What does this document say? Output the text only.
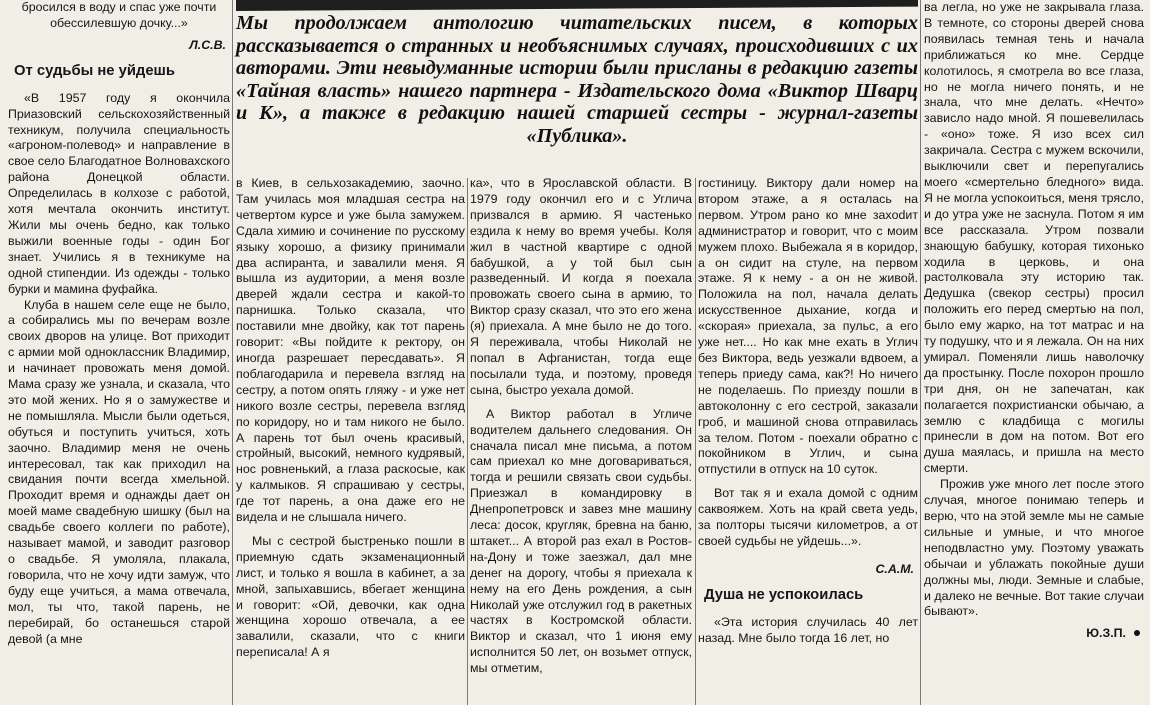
Мы продолжаем антологию читательских писем, в которых рассказывается о странных и необъяснимых случаях, происходивших с их авторами. Эти невыдуманные истории были присланы в редакцию газеты «Тайная власть» нашего партнера - Издательского дома «Виктор Шварц и К», а также в редакцию нашей старшей сестры - журнал-газеты «Публика».

бросился в воду и спас уже почти обессилевшую дочку...»

Л.С.В.
От судьбы не уйдешь

«В 1957 году я окончила Приазовский сельскохозяйственный техникум, получила специальность «агроном-полевод» и направление в свое село Благодатное Волновахского района Донецкой области. Определилась в колхозе с работой, хотя мечтала окончить институт. Жили мы очень бедно, как только выжили военные годы - один Бог знает. Учились я в техникуме на одной стипендии. Из одежды - только бурки и мамина фуфайка.

Клуба в нашем селе еще не было, а собирались мы по вечерам возле своих дворов на улице. Вот приходит с армии мой одноклассник Владимир, и начинает провожать меня домой. Мама сразу же узнала, и сказала, что это мой жених. Но я о замужестве и не помышляла. Мысли были одеться, обуться и поступить учиться, хоть заочно. Владимир меня не очень интересовал, так как приходил на свидания почти всегда хмельной. Проходит время и однажды дает он моей маме свадебную шишку (был на свадьбе своего коллеги по работе), называет мамой, и заводит разговор о свадьбе. Я умоляла, плакала, говорила, что не хочу идти замуж, что буду еще учиться, а мама отвечала, мол, ты что, такой парень, не перебирай, бо останешься старой девой (а мне

в Киев, в сельхозакадемию, заочно. Там училась моя младшая сестра на четвертом курсе и уже была замужем. Сдала химию и сочинение по русскому языку хорошо, а физику принимали два аспиранта, и завалили меня. Я вышла из аудитории, а меня возле дверей ждали сестра и какой-то парнишка. Только сказала, что поставили мне двойку, как тот парень говорит: «Вы пойдите к ректору, он иногда разрешает пересдавать». Я поблагодарила и перевела взгляд на сестру, а потом опять гляжу - и уже нет никого возле сестры, перевела взгляд по коридору, но и там никого не было. А парень тот был очень красивый, стройный, высокий, немного кудрявый, нос ровненький, а глаза раскосые, как у калмыков. Я спрашиваю у сестры, где тот парень, а она даже его не видела и не слышала ничего.

Мы с сестрой быстренько пошли в приемную сдать экзаменационный лист, и только я вошла в кабинет, а за мной, запыхавшись, вбегает женщина и говорит: «Ой, девочки, как одна женщина хорошо отвечала, а ее завалили, сказали, что с книги переписала! А я

ка», что в Ярославской области. В 1979 году окончил его и с Углича призвался в армию. Я частенько ездила к нему во время учебы. Коля жил в частной квартире с одной бабушкой, а у той был сын разведенный. И когда я поехала провожать своего сына в армию, то Виктор сразу сказал, что это его жена (я) приехала. А мне было не до того. Я переживала, чтобы Николай не попал в Афганистан, тогда еще посылали туда, и поэтому, проведя сына, быстро уехала домой.

А Виктор работал в Угличе водителем дальнего следования. Он сначала писал мне письма, а потом сам приехал ко мне договариваться, тогда и решили связать свои судьбы. Приезжал в командировку в Днепропетровск и завез мне машину леса: досок, кругляк, бревна на баню, штакет... А второй раз ехал в Ростов-на-Дону и тоже заезжал, дал мне денег на дорогу, чтобы я приехала к нему на его День рождения, а сын Николай уже отслужил год в ракетных частях в Костромской области. Виктор и сказал, что 1 июня ему исполнится 50 лет, он возьмет отпуск, мы отметим,

гостиницу. Виктору дали номер на втором этаже, а я осталась на первом. Утром рано ко мне захodит администратор и говорит, что с моим мужем плохо. Выбежала я в коридор, а он сидит на стуле, на первом этаже. Я к нему - а он не живой. Положила на пол, начала делать искусственное дыхание, когда и «скорая» приехала, за пульс, а его уже нет.... Но как мне ехать в Углич без Виктора, ведь уезжали вдвоем, а теперь приеду сама, как?! Но ничего не поделаешь. По приезду пошли в автоколонну с его сестрой, заказали гроб, и машиной снова отправилась за телом. Потом - поехали обратно с покойником в Углич, и сына отпустили в отпуск на 10 суток.

Вот так я и ехала домой с одним саквояжем. Хоть на край света уедь, за полторы тысячи километров, а от своей судьбы не уйдешь...».

С.А.М.
Душа не успокоилась

«Эта история случилась 40 лет назад. Мне было тогда 16 лет, но

ва легла, но уже не закрывала глаза. В темноте, со стороны дверей снова появилась темная тень и начала приближаться ко мне. Сердце колотилось, я смотрела во все глаза, но не могла ничего понять, и не знала, что мне делать. «Нечто» зависло надо мной. Я пошевелилась - «оно» тоже. Я изо всех сил закричала. Сестра с мужем вскочили, выключили свет и перепугались моего «смертельно бледного» вида. Я не могла успокоиться, меня трясло, и до утра уже не заснула. Потом я им все рассказала. Утром позвали знающую бабушку, которая тихонько ходила в церковь, и она растолковала эту историю так. Дедушка (свекор сестры) просил положить его перед смертью на пол, было ему жарко, на тот матрас и на ту подушку, что и я лежала. Он на них умирал. Поменяли лишь наволочку да простынку. После похорон прошло три дня, он не запечатан, как полагается похристиански обычаю, а землю с кладбища с могилы принесли в дом на потом. Вот его душа маялась, и пришла на место смерти.

Прожив уже много лет после этого случая, многое понимаю теперь и верю, что на этой земле мы не самые сильные и умные, и что многое неподвластно уму. Поэтому уважать обычаи и ублажать покойные души должны мы, люди. Земные и слабые, и далеко не вечные. Вот такие случаи бывают».

Ю.З.П.
